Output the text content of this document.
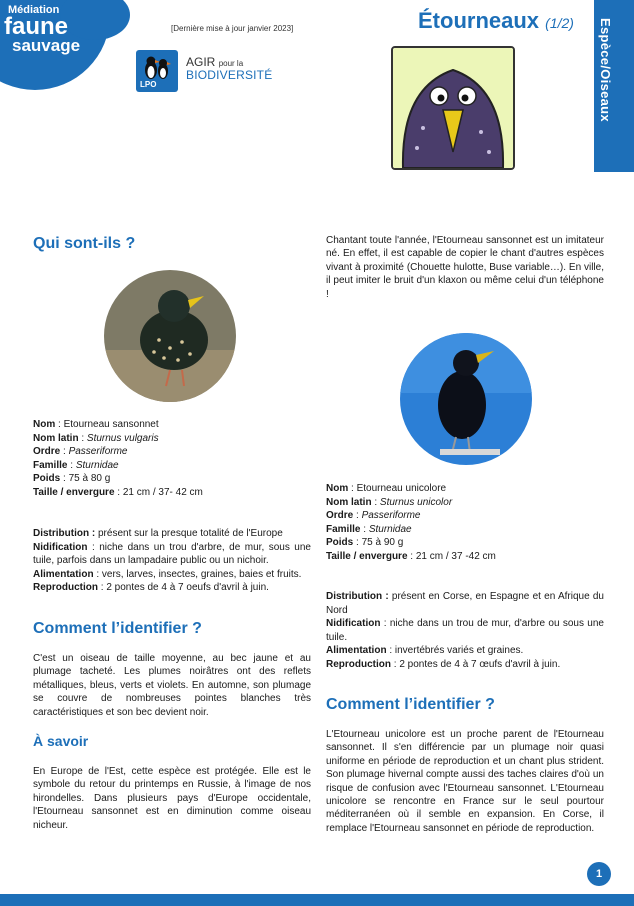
Médiation
faune
sauvage
[Dernière mise à jour janvier 2023]	Étourneaux (1/2) Espèce/Oiseaux
LPO
AGIR pour la
BIODIVERSITÉ
Qui sont-ils ?
Nom : Etourneau sansonnet
Nom latin : Sturnus vulgaris
Ordre : Passeriforme
Famille : Sturnidae
Poids : 75 à 80 g
Taille / envergure : 21 cm / 37- 42 cm
Distribution : présent sur la presque totalité de l'Europe
Nidification : niche dans un trou d'arbre, de mur, sous une tuile, parfois dans un lampadaire public ou un nichoir.
Alimentation : vers, larves, insectes, graines, baies et fruits.
Reproduction : 2 pontes de 4 à 7 oeufs d'avril à juin.
Comment l’identifier ?
C'est un oiseau de taille moyenne, au bec jaune et au plumage tacheté. Les plumes noirâtres ont des reflets métalliques, bleus, verts et violets. En automne, son plumage se couvre de nombreuses pointes blanches très caractéristiques et son bec devient noir.
À savoir
En Europe de l'Est, cette espèce est protégée. Elle est le symbole du retour du printemps en Russie, à l'image de nos hirondelles. Dans plusieurs pays d'Europe occidentale, l'Etourneau sansonnet est en diminution comme oiseau nicheur.
Chantant toute l'année, l'Etourneau sansonnet est un imitateur né. En effet, il est capable de copier le chant d'autres espèces vivant à proximité (Chouette hulotte, Buse variable…). En ville, il peut imiter le bruit d'un klaxon ou même celui d'un téléphone !
Nom : Etourneau unicolore
Nom latin : Sturnus unicolor
Ordre : Passeriforme
Famille : Sturnidae
Poids : 75 à 90 g
Taille / envergure : 21 cm / 37 -42 cm
Distribution : présent en Corse, en Espagne et en Afrique du Nord
Nidification : niche dans un trou de mur, d'arbre ou sous une tuile.
Alimentation : invertébrés variés et graines.
Reproduction : 2 pontes de 4 à 7 œufs d'avril à juin.
Comment l’identifier ?
L'Etourneau unicolore est un proche parent de l'Etourneau sansonnet. Il s'en différencie par un plumage noir quasi uniforme en période de reproduction et un chant plus strident. Son plumage hivernal compte aussi des taches claires d'où un risque de confusion avec l'Etourneau sansonnet. L'Etourneau unicolore se rencontre en France sur le seul pourtour méditerranéen où il semble en expansion. En Corse, il remplace l'Etourneau sansonnet en période de reproduction.
1
